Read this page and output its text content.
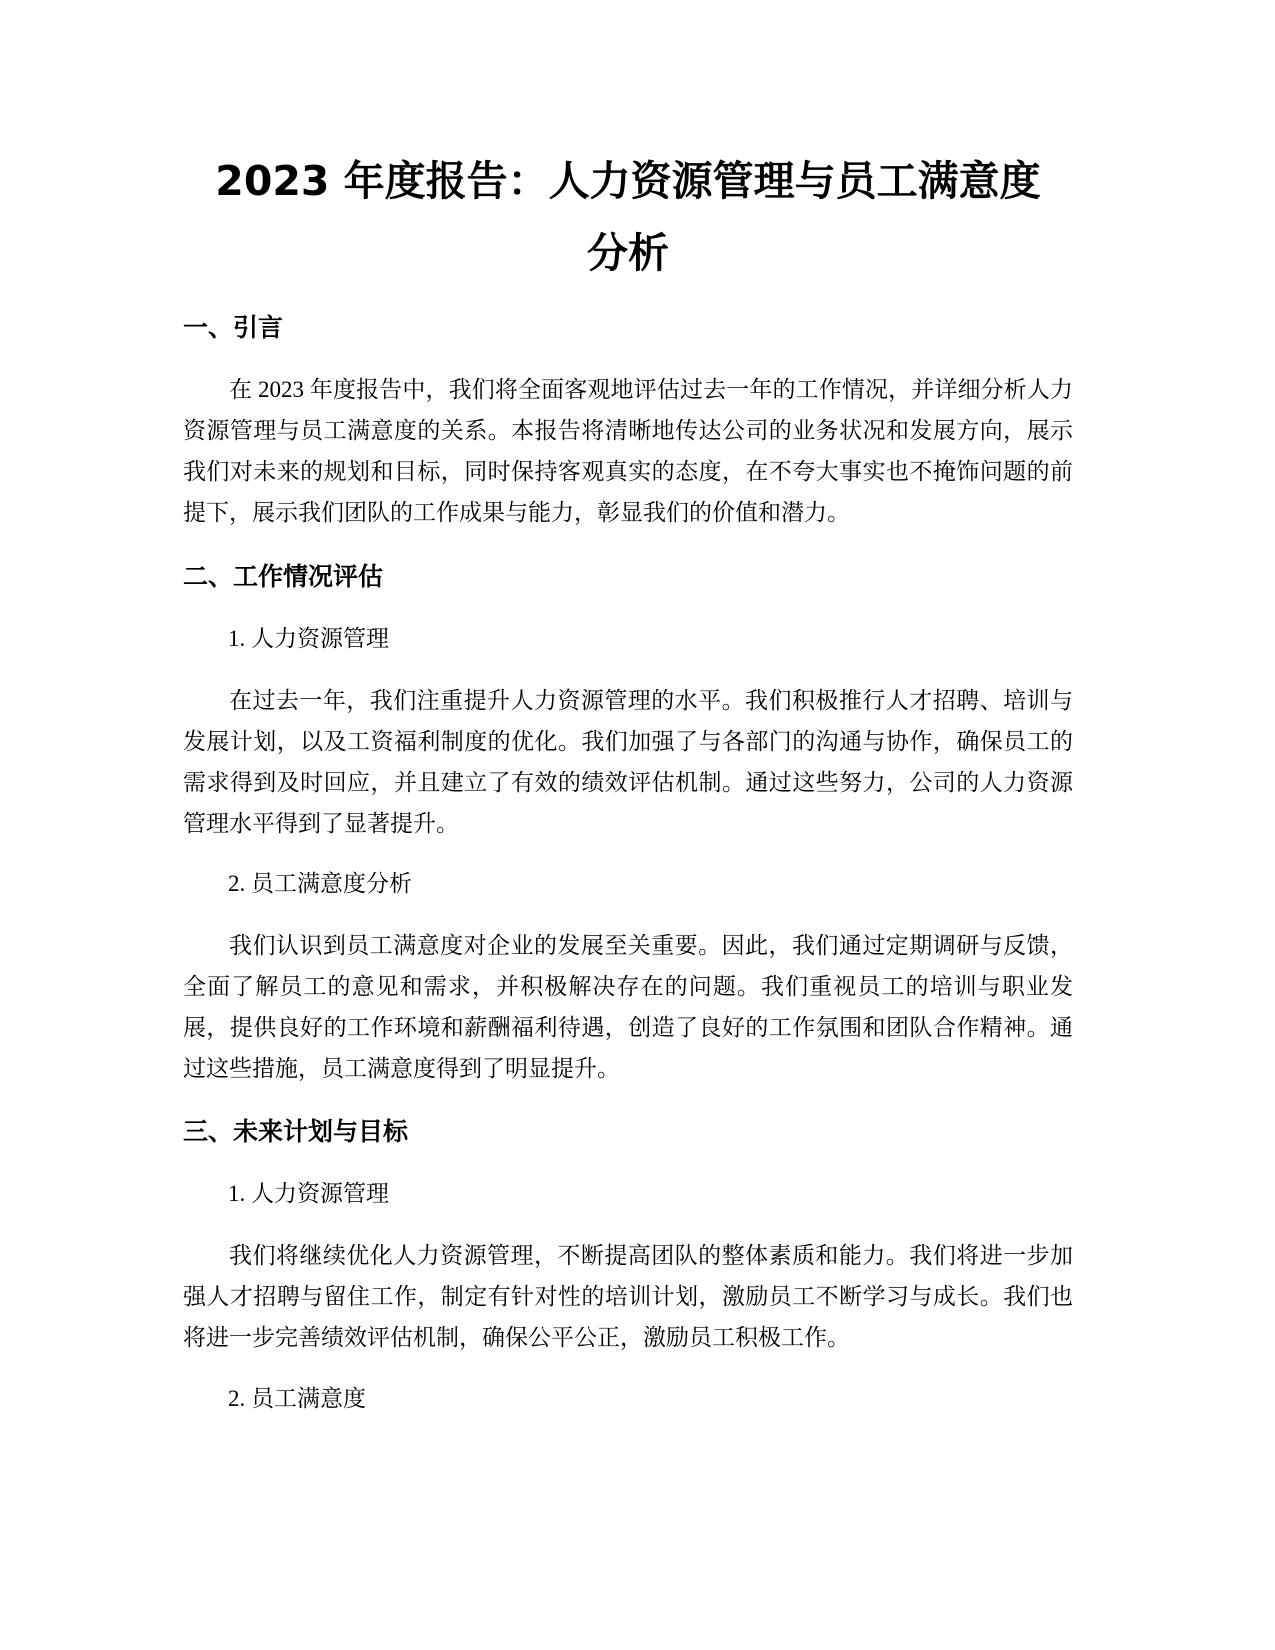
2023 年度报告：人力资源管理与员工满意度
分析
一、引言

在 2023 年度报告中，我们将全面客观地评估过去一年的工作情况，并详细分析人力资源管理与员工满意度的关系。本报告将清晰地传达公司的业务状况和发展方向，展示我们对未来的规划和目标，同时保持客观真实的态度，在不夸大事实也不掩饰问题的前提下，展示我们团队的工作成果与能力，彰显我们的价值和潜力。

二、工作情况评估

1. 人力资源管理

在过去一年，我们注重提升人力资源管理的水平。我们积极推行人才招聘、培训与发展计划，以及工资福利制度的优化。我们加强了与各部门的沟通与协作，确保员工的需求得到及时回应，并且建立了有效的绩效评估机制。通过这些努力，公司的人力资源管理水平得到了显著提升。

2. 员工满意度分析

我们认识到员工满意度对企业的发展至关重要。因此，我们通过定期调研与反馈，全面了解员工的意见和需求，并积极解决存在的问题。我们重视员工的培训与职业发展，提供良好的工作环境和薪酬福利待遇，创造了良好的工作氛围和团队合作精神。通过这些措施，员工满意度得到了明显提升。

三、未来计划与目标

1. 人力资源管理

我们将继续优化人力资源管理，不断提高团队的整体素质和能力。我们将进一步加强人才招聘与留住工作，制定有针对性的培训计划，激励员工不断学习与成长。我们也将进一步完善绩效评估机制，确保公平公正，激励员工积极工作。

2. 员工满意度
